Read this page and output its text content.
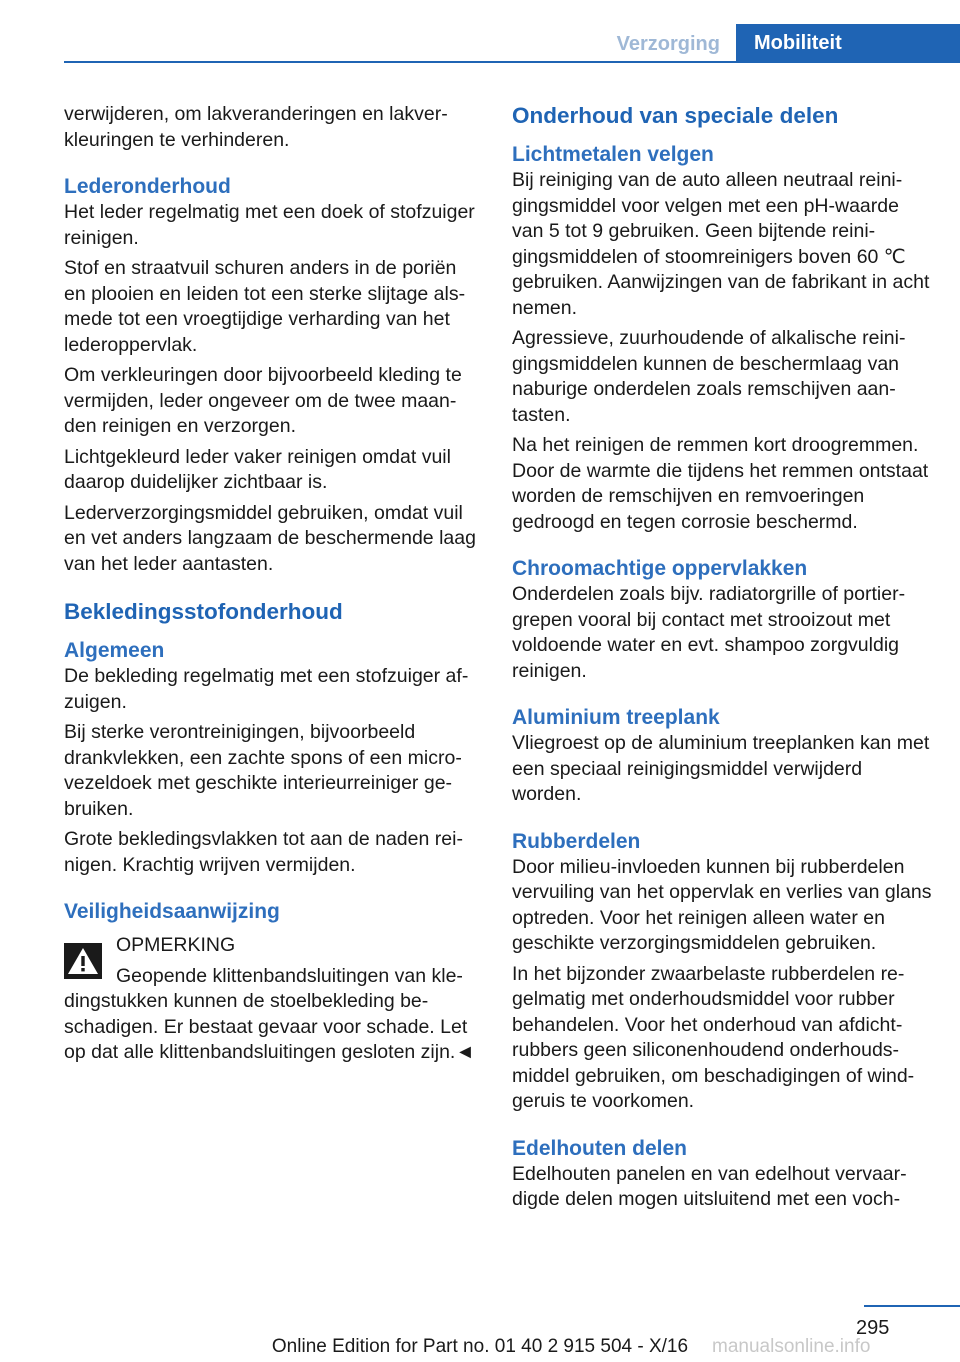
Verzorging	Mobiliteit

verwijderen, om lakveranderingen en lakverkleuringen te verhinderen.

Lederonderhoud

Het leder regelmatig met een doek of stofzuiger reinigen.

Stof en straatvuil schuren anders in de poriën en plooien en leiden tot een sterke slijtage alsmede tot een vroegtijdige verharding van het lederoppervlak.

Om verkleuringen door bijvoorbeeld kleding te vermijden, leder ongeveer om de twee maanden reinigen en verzorgen.

Lichtgekleurd leder vaker reinigen omdat vuil daarop duidelijker zichtbaar is.

Lederverzorgingsmiddel gebruiken, omdat vuil en vet anders langzaam de beschermende laag van het leder aantasten.

Bekledingsstofonderhoud
Algemeen

De bekleding regelmatig met een stofzuiger afzuigen.

Bij sterke verontreinigingen, bijvoorbeeld drankvlekken, een zachte spons of een microvezeldoek met geschikte interieurreiniger gebruiken.

Grote bekledingsvlakken tot aan de naden reinigen. Krachtig wrijven vermijden.

Veiligheidsaanwijzing

OPMERKING

Geopende klittenbandsluitingen van kledingstukken kunnen de stoelbekleding beschadigen. Er bestaat gevaar voor schade. Let op dat alle klittenbandsluitingen gesloten zijn.◄

Onderhoud van speciale delen
Lichtmetalen velgen

Bij reiniging van de auto alleen neutraal reinigingsmiddel voor velgen met een pH-waarde van 5 tot 9 gebruiken. Geen bijtende reinigingsmiddelen of stoomreinigers boven 60 ℃ gebruiken. Aanwijzingen van de fabrikant in acht nemen.

Agressieve, zuurhoudende of alkalische reinigingsmiddelen kunnen de beschermlaag van naburige onderdelen zoals remschijven aantasten.

Na het reinigen de remmen kort droogremmen. Door de warmte die tijdens het remmen ontstaat worden de remschijven en remvoeringen gedroogd en tegen corrosie beschermd.

Chroomachtige oppervlakken

Onderdelen zoals bijv. radiatorgrille of portiergrepen vooral bij contact met strooizout met voldoende water en evt. shampoo zorgvuldig reinigen.

Aluminium treeplank

Vliegroest op de aluminium treeplanken kan met een speciaal reinigingsmiddel verwijderd worden.

Rubberdelen

Door milieu-invloeden kunnen bij rubberdelen vervuiling van het oppervlak en verlies van glans optreden. Voor het reinigen alleen water en geschikte verzorgingsmiddelen gebruiken.

In het bijzonder zwaarbelaste rubberdelen regelmatig met onderhoudsmiddel voor rubber behandelen. Voor het onderhoud van afdichtrubbers geen siliconenhoudend onderhoudsmiddel gebruiken, om beschadigingen of windgeruis te voorkomen.

Edelhouten delen

Edelhouten panelen en van edelhout vervaardigde delen mogen uitsluitend met een voch-

295
Online Edition for Part no. 01 40 2 915 504 - X/16	manualsonline.info
